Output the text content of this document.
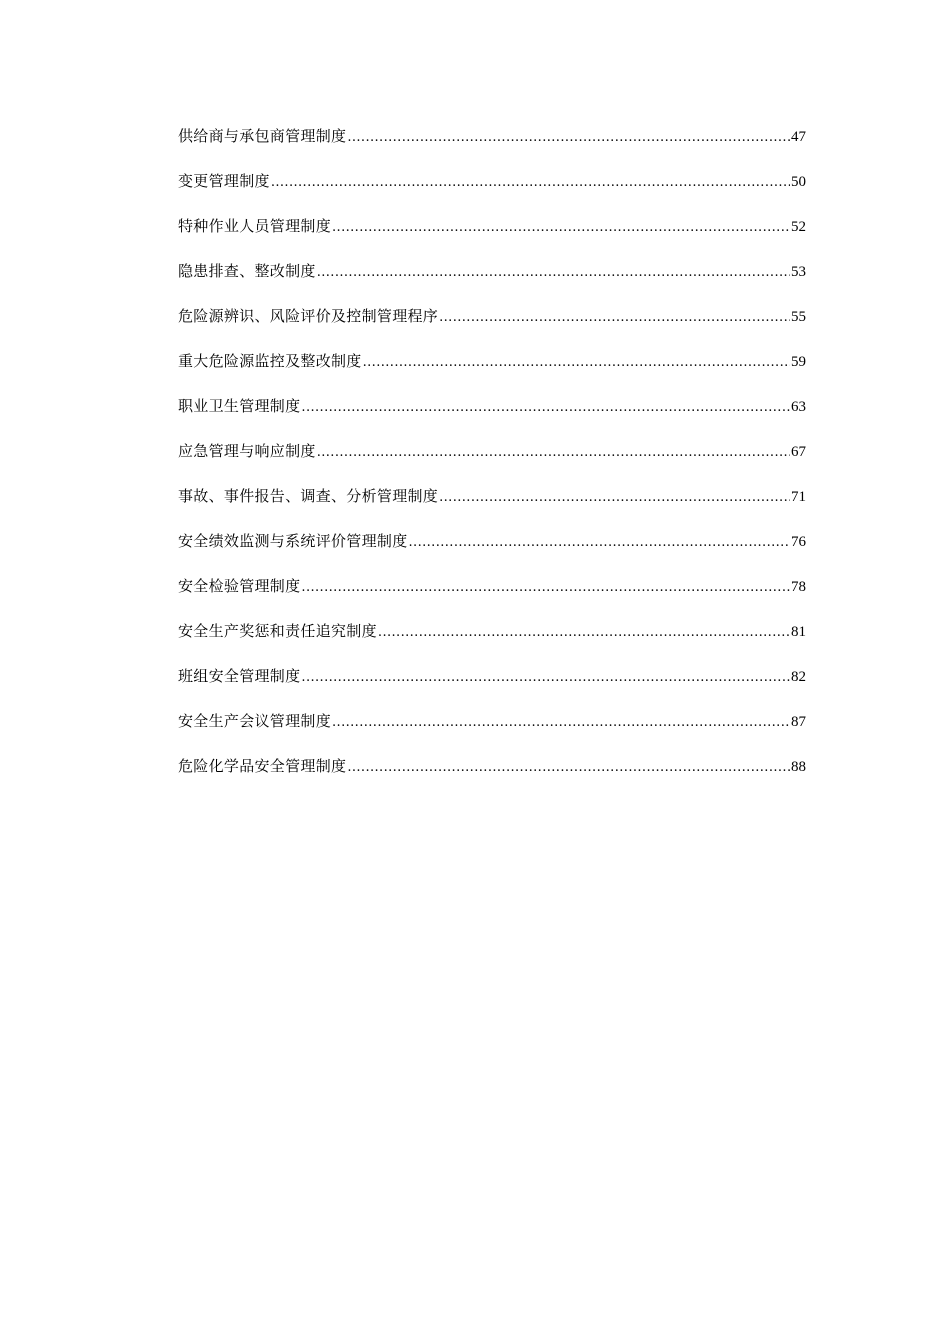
供给商与承包商管理制度 .....	47
变更管理制度 .....	50
特种作业人员管理制度 .....	52
隐患排查、整改制度 .....	53
危险源辨识、风险评价及控制管理程序 .....	55
重大危险源监控及整改制度 .....	59
职业卫生管理制度 .....	63
应急管理与响应制度 .....	67
事故、事件报告、调查、分析管理制度 .....	71
安全绩效监测与系统评价管理制度 .....	76
安全检验管理制度 .....	78
安全生产奖惩和责任追究制度 .....	81
班组安全管理制度 .....	82
安全生产会议管理制度 .....	87
危险化学品安全管理制度 .....	88
